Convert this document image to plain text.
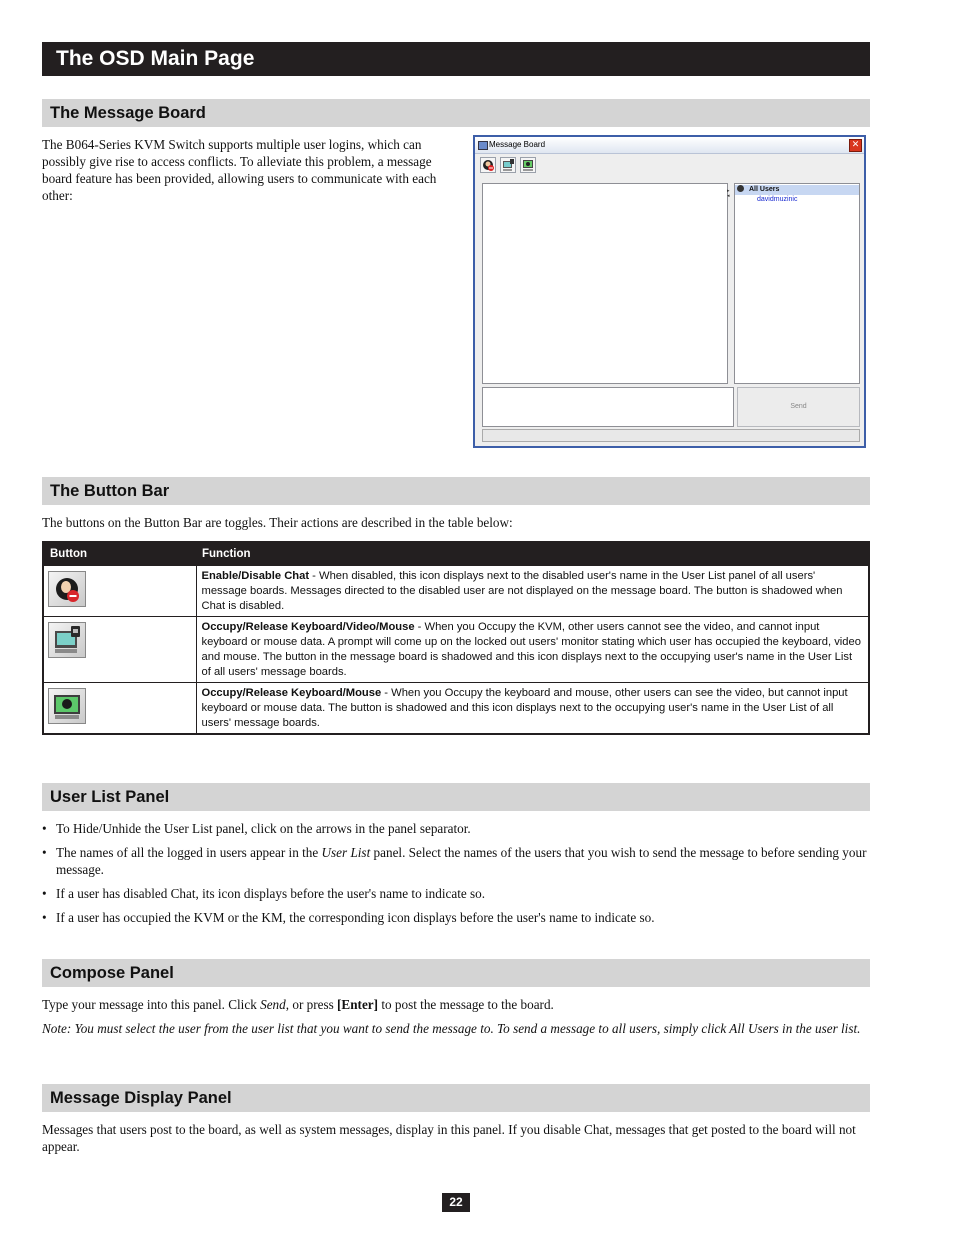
The OSD Main Page
The Message Board
The B064-Series KVM Switch supports multiple user logins, which can possibly give rise to access conflicts. To alleviate this problem, a message board feature has been provided, allowing users to communicate with each other:
Message Board	✕
▸
◂
All Users
davidmuzinic
Send
The Button Bar
The buttons on the Button Bar are toggles. Their actions are described in the table below:
Button	Function

	Enable/Disable Chat - When disabled, this icon displays next to the disabled user's name in the User List panel of all users' message boards. Messages directed to the disabled user are not displayed on the message board. The button is shadowed when Chat is disabled.

	Occupy/Release Keyboard/Video/Mouse - When you Occupy the KVM, other users cannot see the video, and cannot input keyboard or mouse data. A prompt will come up on the locked out users' monitor stating which user has occupied the keyboard, video and mouse. The button in the message board is shadowed and this icon displays next to the occupying user's name in the User List of all users' message boards.

	Occupy/Release Keyboard/Mouse - When you Occupy the keyboard and mouse, other users can see the video, but cannot input keyboard or mouse data. The button is shadowed and this icon displays next to the occupying user's name in the User List of all users' message boards.
User List Panel
• To Hide/Unhide the User List panel, click on the arrows in the panel separator.
• The names of all the logged in users appear in the User List panel. Select the names of the users that you wish to send the message to before sending your message.
• If a user has disabled Chat, its icon displays before the user's name to indicate so.
• If a user has occupied the KVM or the KM, the corresponding icon displays before the user's name to indicate so.
Compose Panel
Type your message into this panel. Click Send, or press [Enter] to post the message to the board.
Note: You must select the user from the user list that you want to send the message to. To send a message to all users, simply click All Users in the user list.
Message Display Panel
Messages that users post to the board, as well as system messages, display in this panel. If you disable Chat, messages that get posted to the board will not appear.
22
